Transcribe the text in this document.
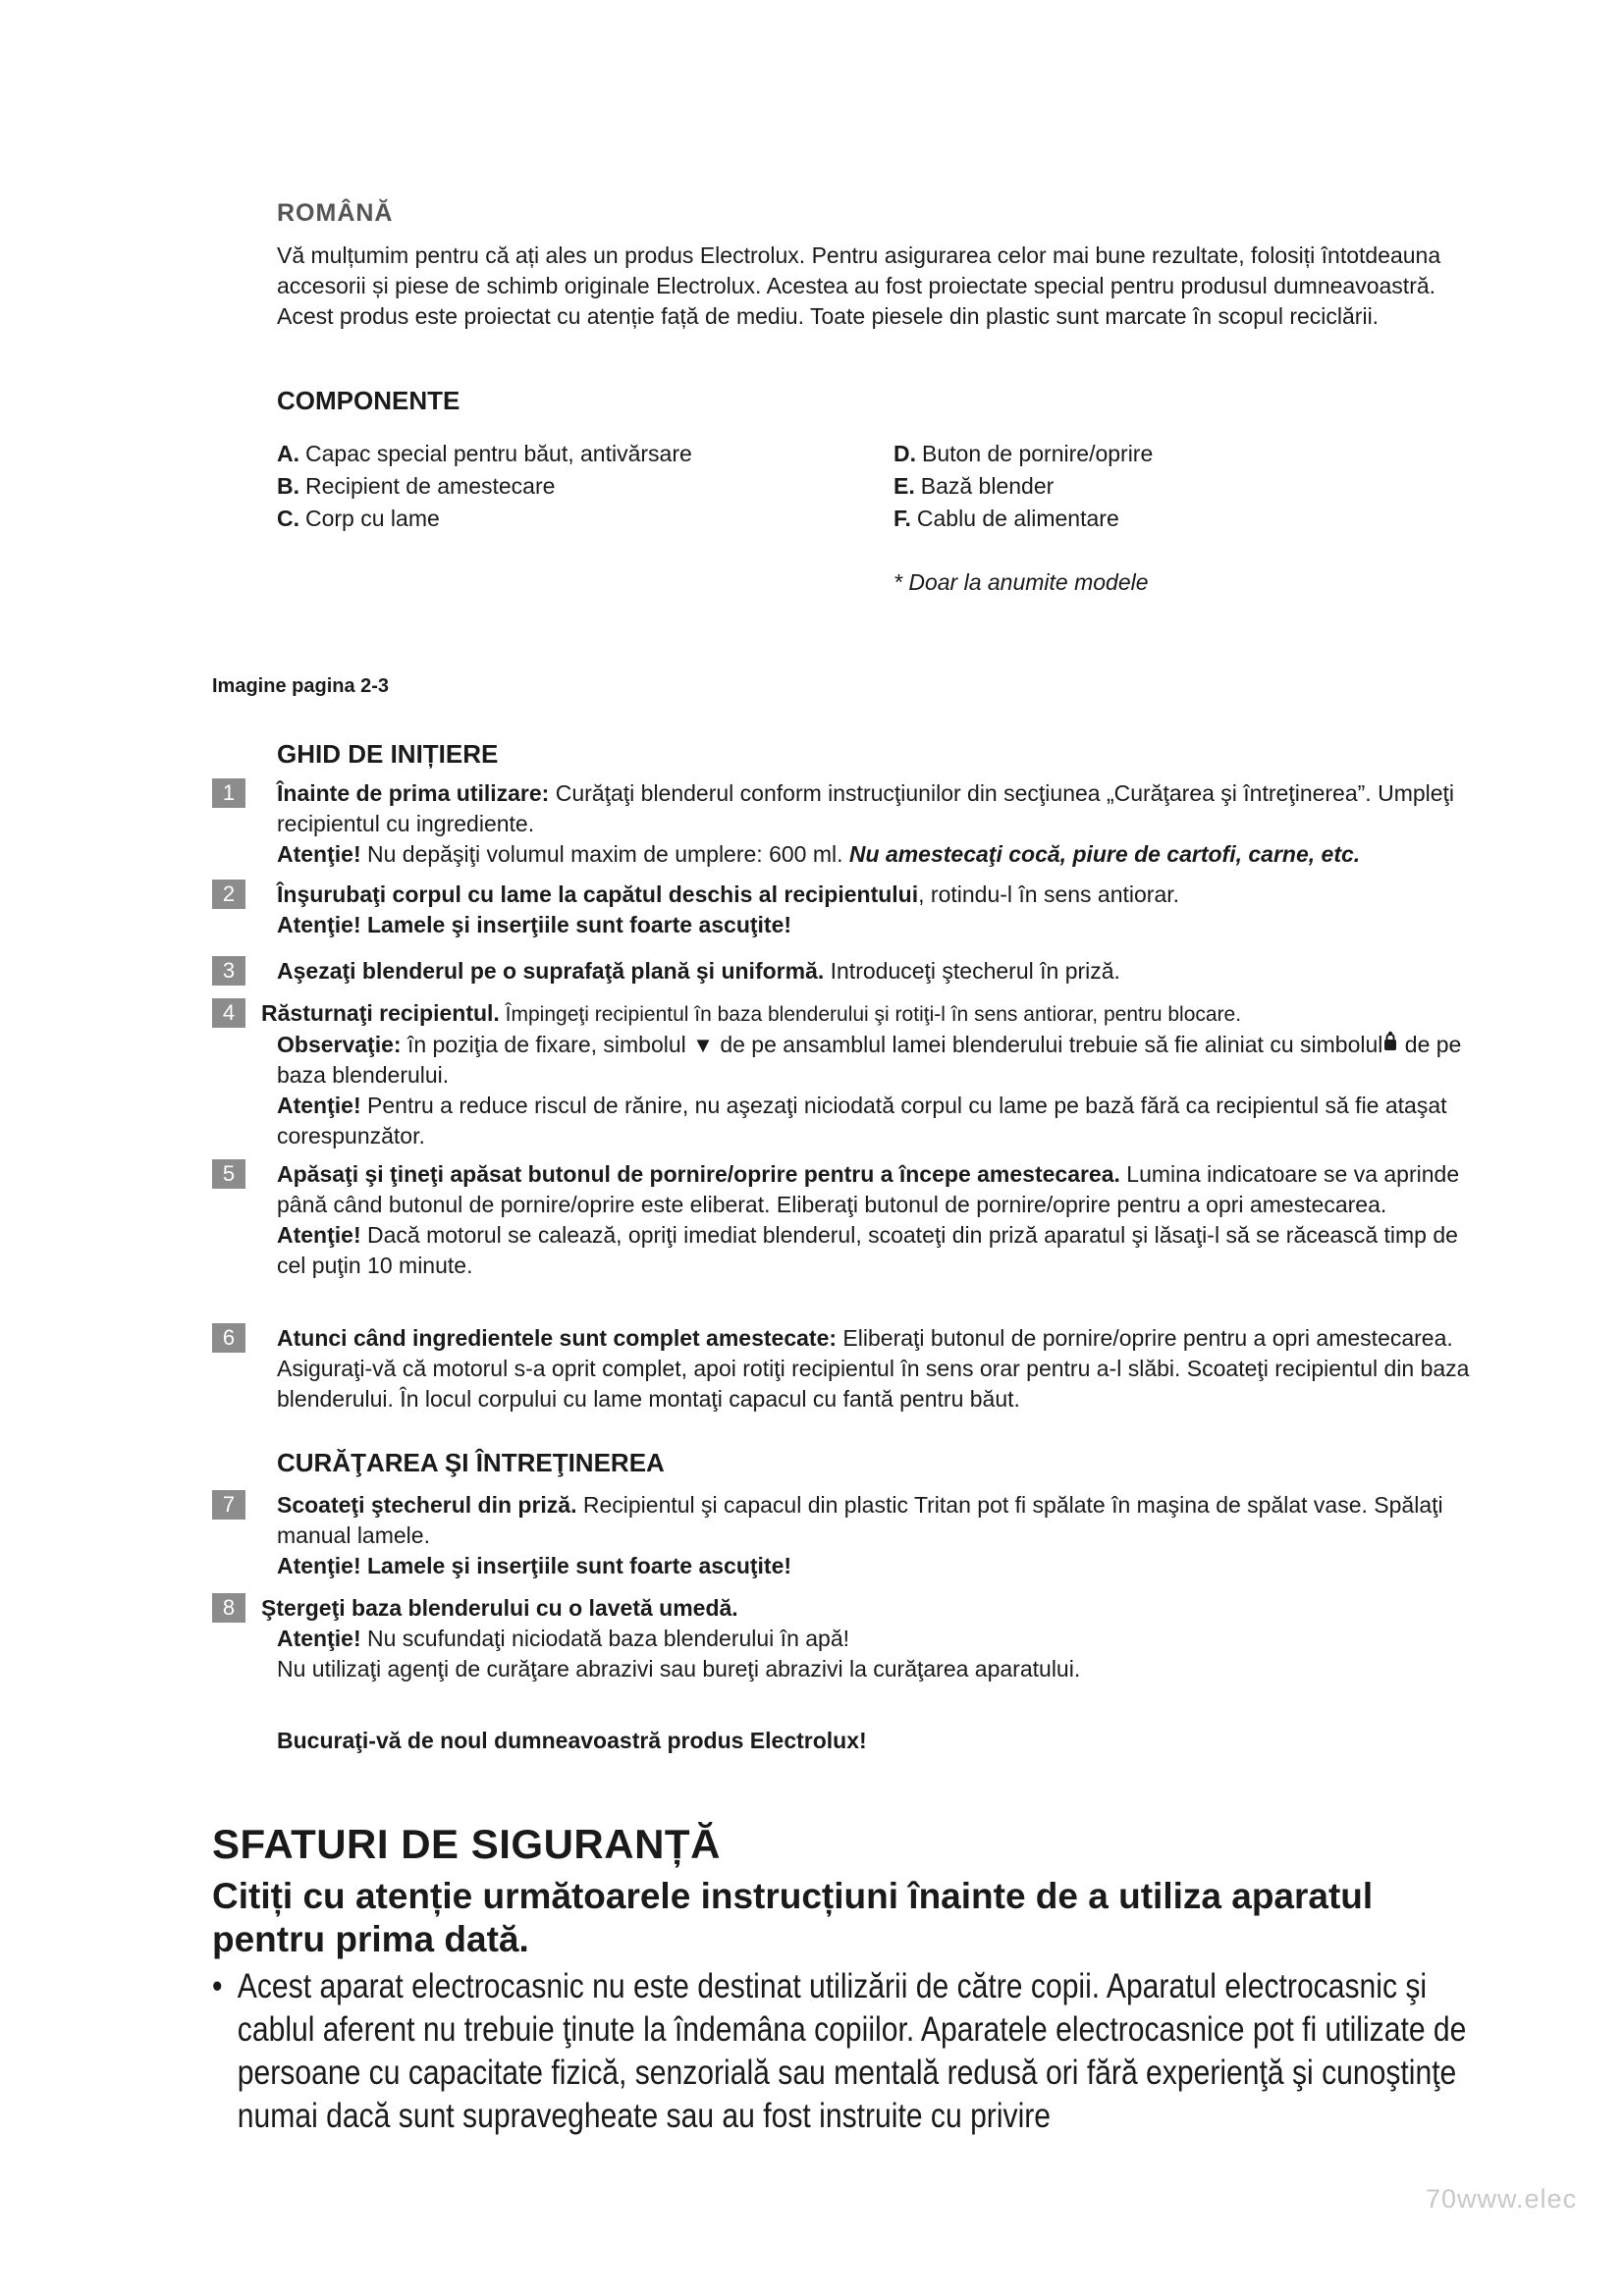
ROMÂNĂ
Vă mulțumim pentru că ați ales un produs Electrolux. Pentru asigurarea celor mai bune rezultate, folosiți întotdeauna accesorii și piese de schimb originale Electrolux. Acestea au fost proiectate special pentru produsul dumneavoastră. Acest produs este proiectat cu atenție față de mediu. Toate piesele din plastic sunt marcate în scopul reciclării.
COMPONENTE
A. Capac special pentru băut, antivărsare
B. Recipient de amestecare
C. Corp cu lame
D. Buton de pornire/oprire
E. Bază blender
F. Cablu de alimentare
* Doar la anumite modele
Imagine pagina 2-3
GHID DE INIȚIERE
1	Înainte de prima utilizare: Curăţaţi blenderul conform instrucţiunilor din secţiunea „Curăţarea şi întreţinerea”. Umpleţi recipientul cu ingrediente.

Atenţie! Nu depăşiţi volumul maxim de umplere: 600 ml. Nu amestecaţi cocă, piure de cartofi, carne, etc.

2	Înşurubaţi corpul cu lame la capătul deschis al recipientului, rotindu-l în sens antiorar.

Atenţie! Lamele şi inserţiile sunt foarte ascuţite!

3	Aşezaţi blenderul pe o suprafaţă plană şi uniformă. Introduceţi ştecherul în priză.

4	Răsturnaţi recipientul. Împingeţi recipientul în baza blenderului şi rotiţi-l în sens antiorar, pentru blocare.

Observaţie: în poziţia de fixare, simbolul ▼ de pe ansamblul lamei blenderului trebuie să fie aliniat cu simbolul de pe baza blenderului.

Atenţie! Pentru a reduce riscul de rănire, nu aşezaţi niciodată corpul cu lame pe bază fără ca recipientul să fie ataşat corespunzător.

5	Apăsaţi şi ţineţi apăsat butonul de pornire/oprire pentru a începe amestecarea. Lumina indicatoare se va aprinde până când butonul de pornire/oprire este eliberat. Eliberaţi butonul de pornire/oprire pentru a opri amestecarea.

Atenţie! Dacă motorul se calează, opriţi imediat blenderul, scoateţi din priză aparatul şi lăsaţi-l să se răcească timp de cel puţin 10 minute.

6	Atunci când ingredientele sunt complet amestecate: Eliberaţi butonul de pornire/oprire pentru a opri amestecarea. Asiguraţi-vă că motorul s-a oprit complet, apoi rotiţi recipientul în sens orar pentru a-l slăbi. Scoateţi recipientul din baza blenderului. În locul corpului cu lame montaţi capacul cu fantă pentru băut.

CURĂŢAREA ŞI ÎNTREŢINEREA
7	Scoateţi ştecherul din priză. Recipientul şi capacul din plastic Tritan pot fi spălate în maşina de spălat vase. Spălaţi manual lamele.

Atenţie! Lamele şi inserţiile sunt foarte ascuţite!

8	Ştergeţi baza blenderului cu o lavetă umedă.

Atenţie! Nu scufundaţi niciodată baza blenderului în apă!

Nu utilizaţi agenţi de curăţare abrazivi sau bureţi abrazivi la curăţarea aparatului.

Bucuraţi-vă de noul dumneavoastră produs Electrolux!
SFATURI DE SIGURANȚĂ
Citiți cu atenție următoarele instrucțiuni înainte de a utiliza aparatul pentru prima dată.
• Acest aparat electrocasnic nu este destinat utilizării de către copii. Aparatul electrocasnic şi cablul aferent nu trebuie ţinute la îndemâna copiilor. Aparatele electrocasnice pot fi utilizate de persoane cu capacitate fizică, senzorială sau mentală redusă ori fără experienţă şi cunoştinţe numai dacă sunt supravegheate sau au fost instruite cu privire
70www.elec
